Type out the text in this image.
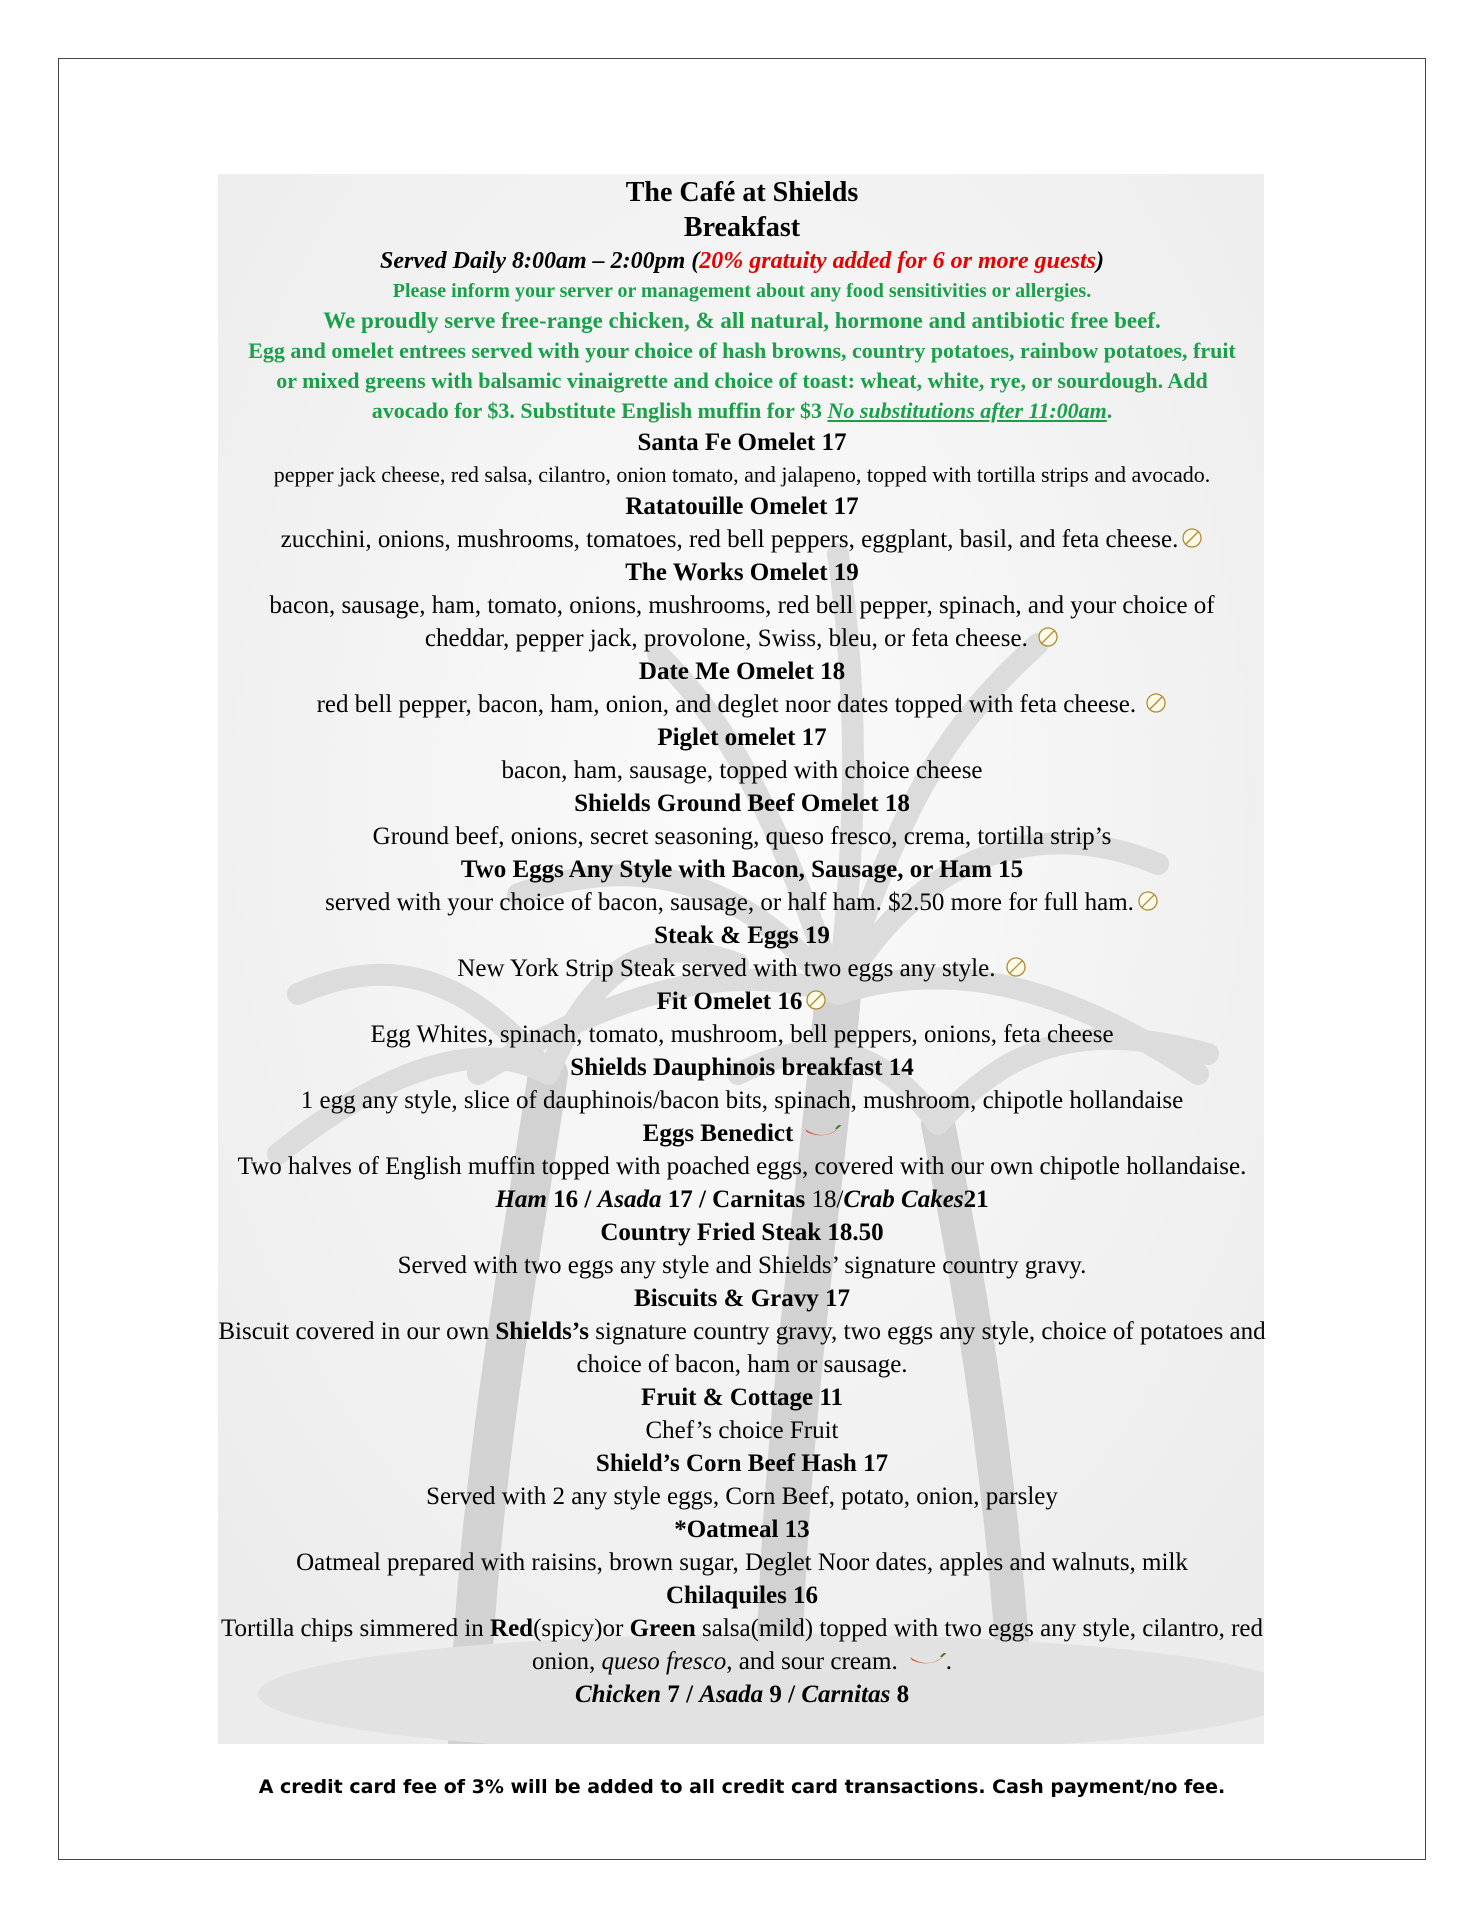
The Café at Shields

Breakfast

Served Daily 8:00am – 2:00pm (20% gratuity added for 6 or more guests)

Please inform your server or management about any food sensitivities or allergies.

We proudly serve free-range chicken, & all natural, hormone and antibiotic free beef.

Egg and omelet entrees served with your choice of hash browns, country potatoes, rainbow potatoes, fruit

or mixed greens with balsamic vinaigrette and choice of toast: wheat, white, rye, or sourdough. Add

avocado for $3. Substitute English muffin for $3 No substitutions after 11:00am.

Santa Fe Omelet 17

pepper jack cheese, red salsa, cilantro, onion tomato, and jalapeno, topped with tortilla strips and avocado.

Ratatouille Omelet 17

zucchini, onions, mushrooms, tomatoes, red bell peppers, eggplant, basil, and feta cheese.

The Works Omelet 19

bacon, sausage, ham, tomato, onions, mushrooms, red bell pepper, spinach, and your choice of

cheddar, pepper jack, provolone, Swiss, bleu, or feta cheese.

Date Me Omelet 18

red bell pepper, bacon, ham, onion, and deglet noor dates topped with feta cheese.

Piglet omelet 17

bacon, ham, sausage, topped with choice cheese

Shields Ground Beef Omelet 18

Ground beef, onions, secret seasoning, queso fresco, crema, tortilla strip’s

Two Eggs Any Style with Bacon, Sausage, or Ham 15

served with your choice of bacon, sausage, or half ham. $2.50 more for full ham.

Steak & Eggs 19

New York Strip Steak served with two eggs any style.

Fit Omelet 16

Egg Whites, spinach, tomato, mushroom, bell peppers, onions, feta cheese

Shields Dauphinois breakfast 14

1 egg any style, slice of dauphinois/bacon bits, spinach, mushroom, chipotle hollandaise

Eggs Benedict

Two halves of English muffin topped with poached eggs, covered with our own chipotle hollandaise.

Ham 16 / Asada 17 / Carnitas 18/Crab Cakes21

Country Fried Steak 18.50

Served with two eggs any style and Shields’ signature country gravy.

Biscuits & Gravy 17

Biscuit covered in our own Shields’s signature country gravy, two eggs any style, choice of potatoes and

choice of bacon, ham or sausage.

Fruit & Cottage 11

Chef’s choice Fruit

Shield’s Corn Beef Hash 17

Served with 2 any style eggs, Corn Beef, potato, onion, parsley

*Oatmeal 13

Oatmeal prepared with raisins, brown sugar, Deglet Noor dates, apples and walnuts, milk

Chilaquiles 16

Tortilla chips simmered in Red(spicy)or Green salsa(mild) topped with two eggs any style, cilantro, red

onion, queso fresco, and sour cream. .

Chicken 7 / Asada 9 / Carnitas 8

A credit card fee of 3% will be added to all credit card transactions. Cash payment/no fee.
